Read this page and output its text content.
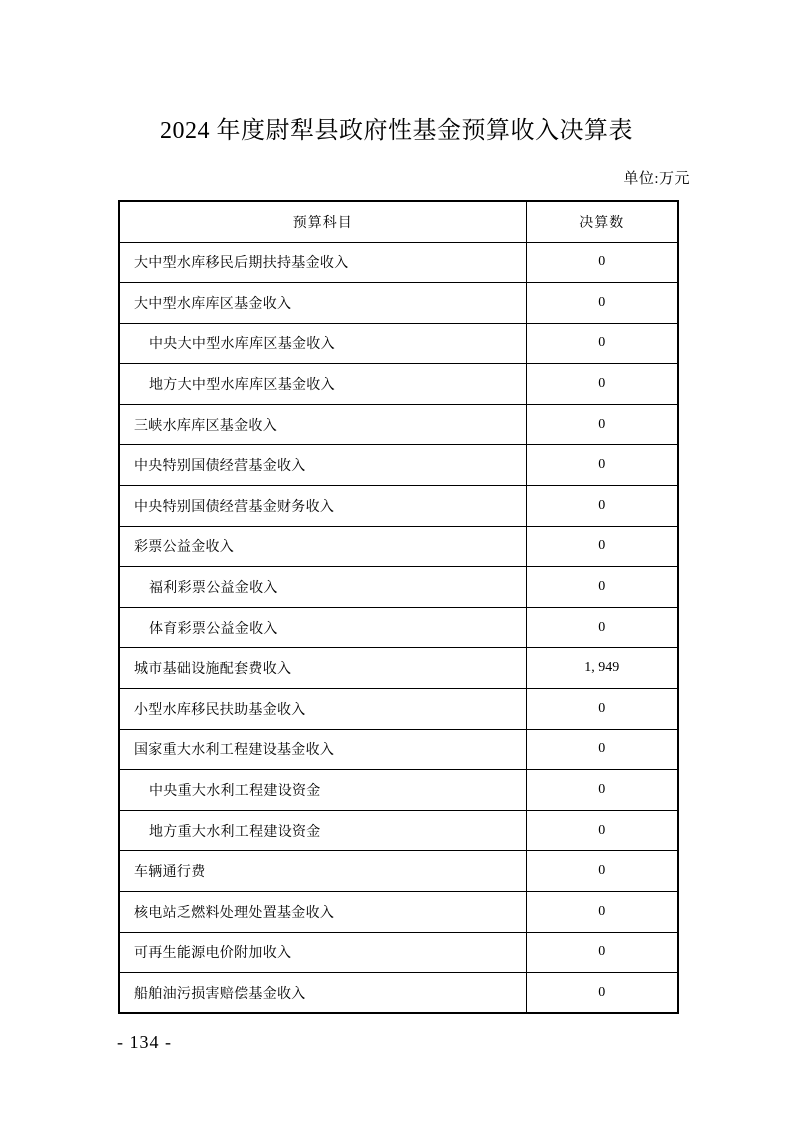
2024 年度尉犁县政府性基金预算收入决算表
单位:万元
预算科目	决算数
大中型水库移民后期扶持基金收入	0
大中型水库库区基金收入	0
中央大中型水库库区基金收入	0
地方大中型水库库区基金收入	0
三峡水库库区基金收入	0
中央特别国债经营基金收入	0
中央特别国债经营基金财务收入	0
彩票公益金收入	0
福利彩票公益金收入	0
体育彩票公益金收入	0
城市基础设施配套费收入	1, 949
小型水库移民扶助基金收入	0
国家重大水利工程建设基金收入	0
中央重大水利工程建设资金	0
地方重大水利工程建设资金	0
车辆通行费	0
核电站乏燃料处理处置基金收入	0
可再生能源电价附加收入	0
船舶油污损害赔偿基金收入	0
- 134 -
